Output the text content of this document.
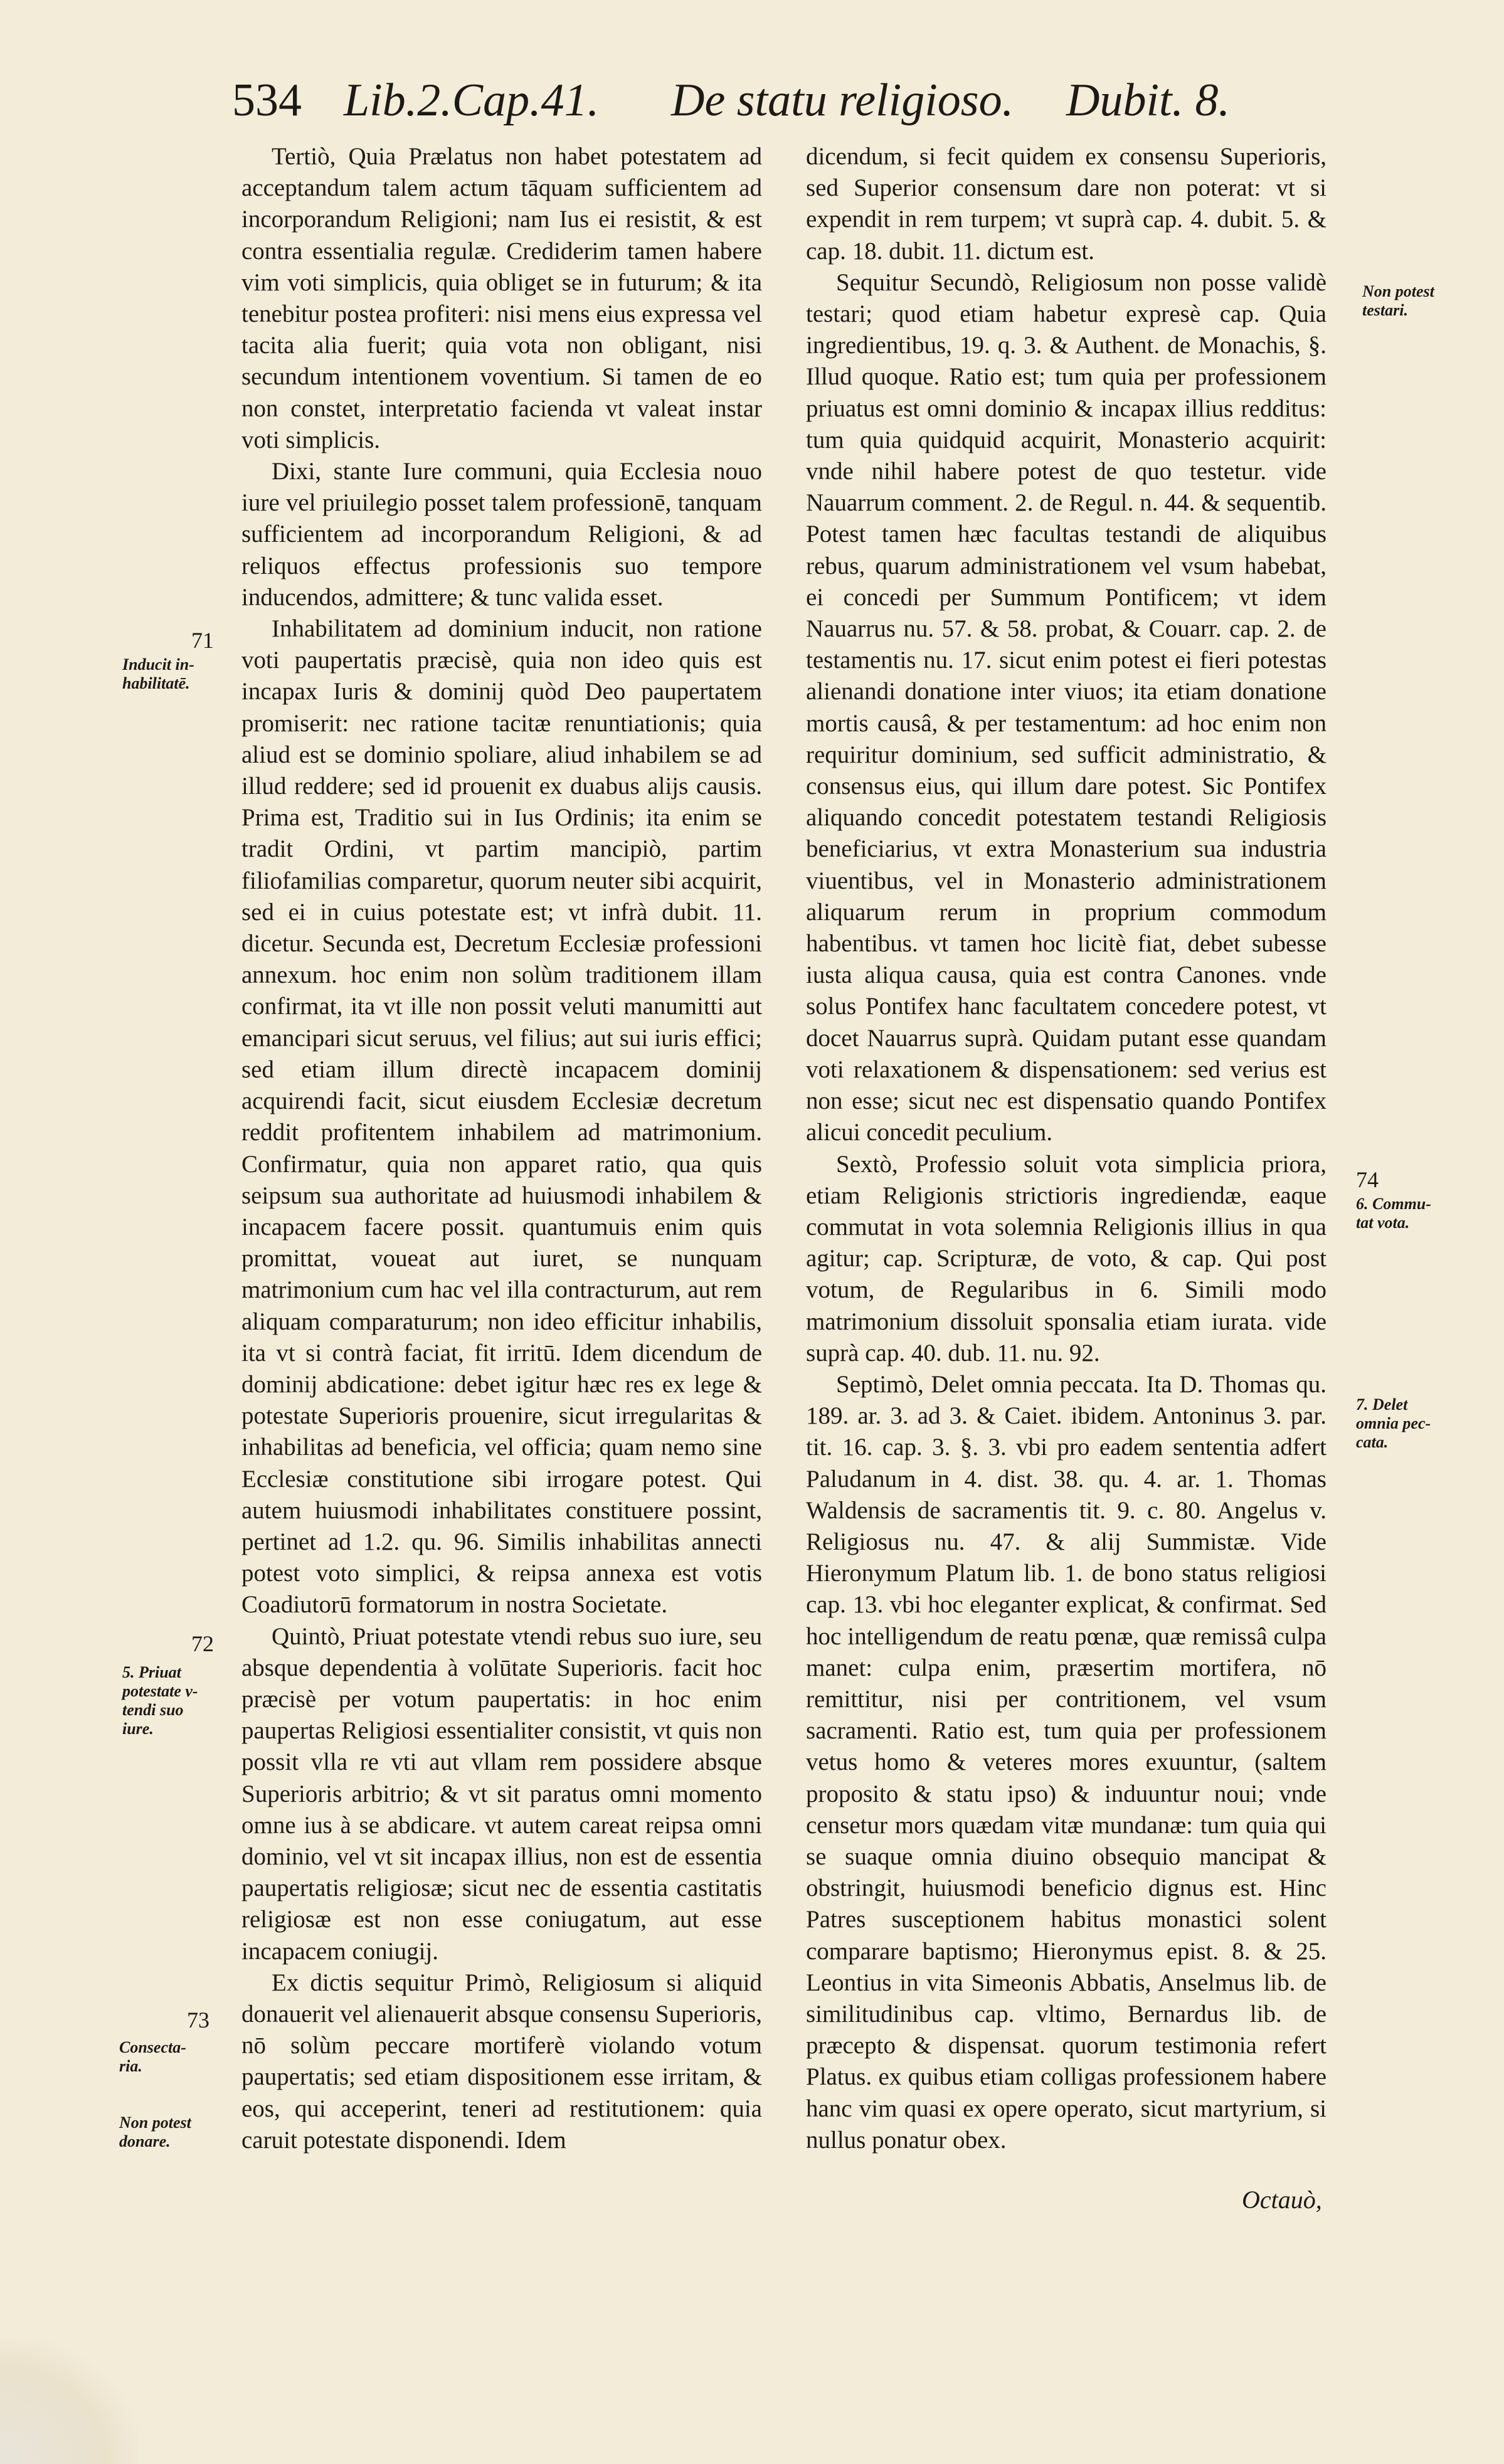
534 Lib.2.Cap.41. De statu religioso. Dubit. 8.

Tertiò, Quia Prælatus non habet potestatem ad acceptandum talem actum tāquam sufficientem ad incorporandum Religioni; nam Ius ei resistit, & est contra essentialia regulæ. Crediderim tamen habere vim voti simplicis, quia obliget se in futurum; & ita tenebitur postea profiteri: nisi mens eius expressa vel tacita alia fuerit; quia vota non obligant, nisi secundum intentionem voventium. Si tamen de eo non constet, interpretatio facienda vt valeat instar voti simplicis.

Dixi, stante Iure communi, quia Ecclesia nouo iure vel priuilegio posset talem professionē, tanquam sufficientem ad incorporandum Religioni, & ad reliquos effectus professionis suo tempore inducendos, admittere; & tunc valida esset.

Inhabilitatem ad dominium inducit, non ratione voti paupertatis præcisè, quia non ideo quis est incapax Iuris & dominij quòd Deo paupertatem promiserit: nec ratione tacitæ renuntiationis; quia aliud est se dominio spoliare, aliud inhabilem se ad illud reddere; sed id prouenit ex duabus alijs causis. Prima est, Traditio sui in Ius Ordinis; ita enim se tradit Ordini, vt partim mancipiò, partim filiofamilias comparetur, quorum neuter sibi acquirit, sed ei in cuius potestate est; vt infrà dubit. 11. dicetur. Secunda est, Decretum Ecclesiæ professioni annexum. hoc enim non solùm traditionem illam confirmat, ita vt ille non possit veluti manumitti aut emancipari sicut seruus, vel filius; aut sui iuris effici; sed etiam illum directè incapacem dominij acquirendi facit, sicut eiusdem Ecclesiæ decretum reddit profitentem inhabilem ad matrimonium. Confirmatur, quia non apparet ratio, qua quis seipsum sua authoritate ad huiusmodi inhabilem & incapacem facere possit. quantumuis enim quis promittat, voueat aut iuret, se nunquam matrimonium cum hac vel illa contracturum, aut rem aliquam comparaturum; non ideo efficitur inhabilis, ita vt si contrà faciat, fit irritū. Idem dicendum de dominij abdicatione: debet igitur hæc res ex lege & potestate Superioris prouenire, sicut irregularitas & inhabilitas ad beneficia, vel officia; quam nemo sine Ecclesiæ constitutione sibi irrogare potest. Qui autem huiusmodi inhabilitates constituere possint, pertinet ad 1.2. qu. 96. Similis inhabilitas annecti potest voto simplici, & reipsa annexa est votis Coadiutorū formatorum in nostra Societate.

Quintò, Priuat potestate vtendi rebus suo iure, seu absque dependentia à volūtate Superioris. facit hoc præcisè per votum paupertatis: in hoc enim paupertas Religiosi essentialiter consistit, vt quis non possit vlla re vti aut vllam rem possidere absque Superioris arbitrio; & vt sit paratus omni momento omne ius à se abdicare. vt autem careat reipsa omni dominio, vel vt sit incapax illius, non est de essentia paupertatis religiosæ; sicut nec de essentia castitatis religiosæ est non esse coniugatum, aut esse incapacem coniugij.

Ex dictis sequitur Primò, Religiosum si aliquid donauerit vel alienauerit absque consensu Superioris, nō solùm peccare mortiferè violando votum paupertatis; sed etiam dispositionem esse irritam, & eos, qui acceperint, teneri ad restitutionem: quia caruit potestate disponendi. Idem

dicendum, si fecit quidem ex consensu Superioris, sed Superior consensum dare non poterat: vt si expendit in rem turpem; vt suprà cap. 4. dubit. 5. & cap. 18. dubit. 11. dictum est.

Sequitur Secundò, Religiosum non posse validè testari; quod etiam habetur expresè cap. Quia ingredientibus, 19. q. 3. & Authent. de Monachis, §. Illud quoque. Ratio est; tum quia per professionem priuatus est omni dominio & incapax illius redditus: tum quia quidquid acquirit, Monasterio acquirit: vnde nihil habere potest de quo testetur. vide Nauarrum comment. 2. de Regul. n. 44. & sequentib. Potest tamen hæc facultas testandi de aliquibus rebus, quarum administrationem vel vsum habebat, ei concedi per Summum Pontificem; vt idem Nauarrus nu. 57. & 58. probat, & Couarr. cap. 2. de testamentis nu. 17. sicut enim potest ei fieri potestas alienandi donatione inter viuos; ita etiam donatione mortis causâ, & per testamentum: ad hoc enim non requiritur dominium, sed sufficit administratio, & consensus eius, qui illum dare potest. Sic Pontifex aliquando concedit potestatem testandi Religiosis beneficiarius, vt extra Monasterium sua industria viuentibus, vel in Monasterio administrationem aliquarum rerum in proprium commodum habentibus. vt tamen hoc licitè fiat, debet subesse iusta aliqua causa, quia est contra Canones. vnde solus Pontifex hanc facultatem concedere potest, vt docet Nauarrus suprà. Quidam putant esse quandam voti relaxationem & dispensationem: sed verius est non esse; sicut nec est dispensatio quando Pontifex alicui concedit peculium.

Sextò, Professio soluit vota simplicia priora, etiam Religionis strictioris ingrediendæ, eaque commutat in vota solemnia Religionis illius in qua agitur; cap. Scripturæ, de voto, & cap. Qui post votum, de Regularibus in 6. Simili modo matrimonium dissoluit sponsalia etiam iurata. vide suprà cap. 40. dub. 11. nu. 92.

Septimò, Delet omnia peccata. Ita D. Thomas qu. 189. ar. 3. ad 3. & Caiet. ibidem. Antoninus 3. par. tit. 16. cap. 3. §. 3. vbi pro eadem sententia adfert Paludanum in 4. dist. 38. qu. 4. ar. 1. Thomas Waldensis de sacramentis tit. 9. c. 80. Angelus v. Religiosus nu. 47. & alij Summistæ. Vide Hieronymum Platum lib. 1. de bono status religiosi cap. 13. vbi hoc eleganter explicat, & confirmat. Sed hoc intelligendum de reatu pœnæ, quæ remissâ culpa manet: culpa enim, præsertim mortifera, nō remittitur, nisi per contritionem, vel vsum sacramenti. Ratio est, tum quia per professionem vetus homo & veteres mores exuuntur, (saltem proposito & statu ipso) & induuntur noui; vnde censetur mors quædam vitæ mundanæ: tum quia qui se suaque omnia diuino obsequio mancipat & obstringit, huiusmodi beneficio dignus est. Hinc Patres susceptionem habitus monastici solent comparare baptismo; Hieronymus epist. 8. & 25. Leontius in vita Simeonis Abbatis, Anselmus lib. de similitudinibus cap. vltimo, Bernardus lib. de præcepto & dispensat. quorum testimonia refert Platus. ex quibus etiam colligas professionem habere hanc vim quasi ex opere operato, sicut martyrium, si nullus ponatur obex.

71
Inducit in-
habilitatē.
72
5. Priuat
potestate v-
tendi suo
iure.
73
Consecta-
ria.
Non potest
donare.
Non potest
testari.
74
6. Commu-
tat vota.
7. Delet
omnia pec-
cata.
Octauò,
